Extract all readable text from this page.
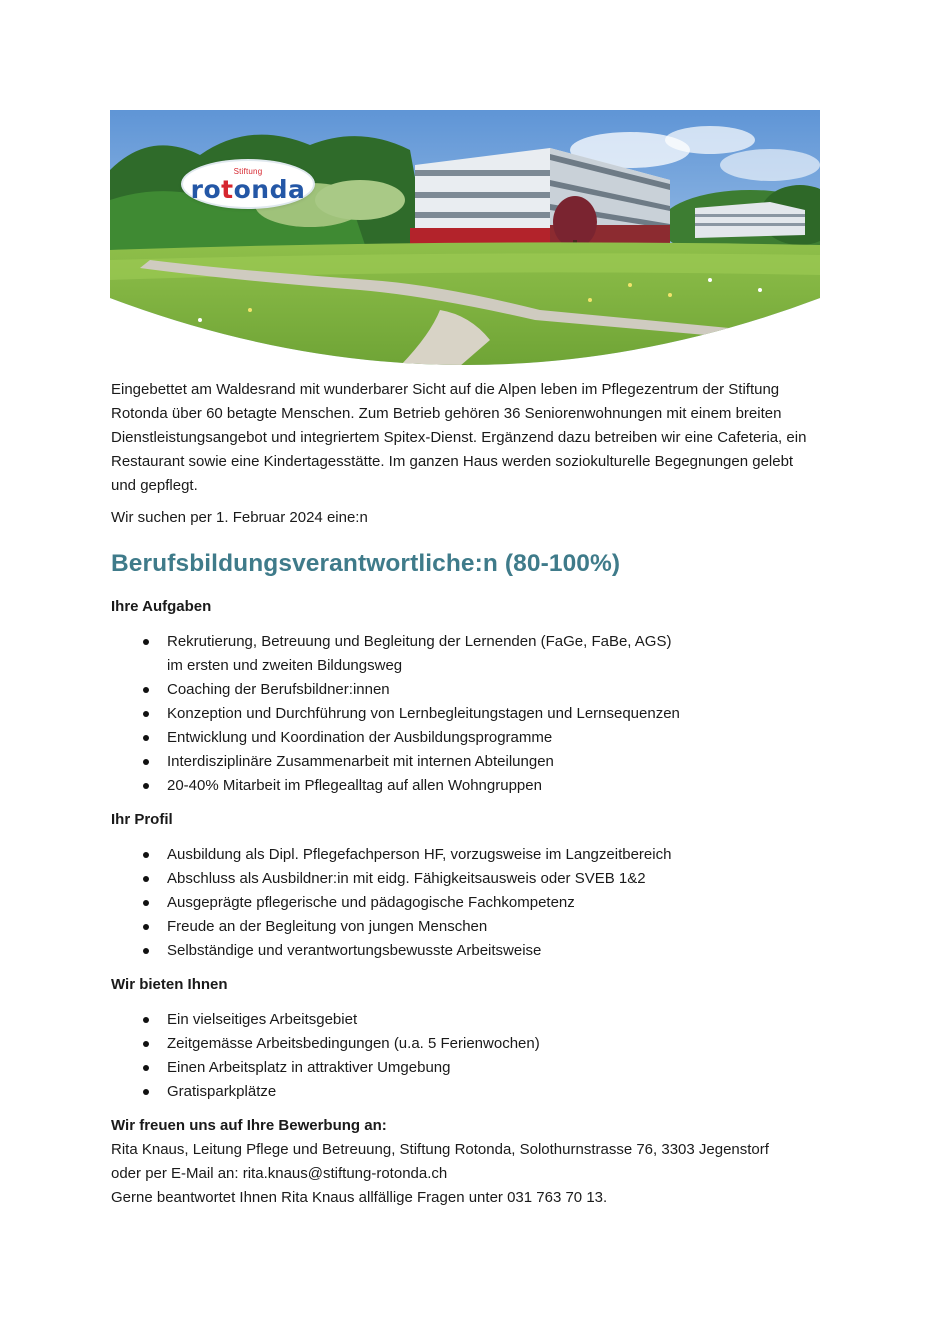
Stiftung
rotonda

Eingebettet am Waldesrand mit wunderbarer Sicht auf die Alpen leben im Pflegezentrum der Stiftung Rotonda über 60 betagte Menschen. Zum Betrieb gehören 36 Seniorenwohnungen mit einem breiten Dienstleistungsangebot und integriertem Spitex-Dienst. Ergänzend dazu betreiben wir eine Cafeteria, ein Restaurant sowie eine Kindertagesstätte. Im ganzen Haus werden soziokulturelle Begegnungen gelebt und gepflegt.

Wir suchen per 1. Februar 2024 eine:n

Berufsbildungsverantwortliche:n (80-100%)
Ihre Aufgaben
Rekrutierung, Betreuung und Begleitung der Lernenden (FaGe, FaBe, AGS)
im ersten und zweiten Bildungsweg
Coaching der Berufsbildner:innen
Konzeption und Durchführung von Lernbegleitungstagen und Lernsequenzen
Entwicklung und Koordination der Ausbildungsprogramme
Interdisziplinäre Zusammenarbeit mit internen Abteilungen
20-40% Mitarbeit im Pflegealltag auf allen Wohngruppen
Ihr Profil
Ausbildung als Dipl. Pflegefachperson HF, vorzugsweise im Langzeitbereich
Abschluss als Ausbildner:in mit eidg. Fähigkeitsausweis oder SVEB 1&2
Ausgeprägte pflegerische und pädagogische Fachkompetenz
Freude an der Begleitung von jungen Menschen
Selbständige und verantwortungsbewusste Arbeitsweise
Wir bieten Ihnen
Ein vielseitiges Arbeitsgebiet
Zeitgemässe Arbeitsbedingungen (u.a. 5 Ferienwochen)
Einen Arbeitsplatz in attraktiver Umgebung
Gratisparkplätze

Wir freuen uns auf Ihre Bewerbung an:

Rita Knaus, Leitung Pflege und Betreuung, Stiftung Rotonda, Solothurnstrasse 76, 3303 Jegenstorf

oder per E-Mail an: rita.knaus@stiftung-rotonda.ch

Gerne beantwortet Ihnen Rita Knaus allfällige Fragen unter 031 763 70 13.
